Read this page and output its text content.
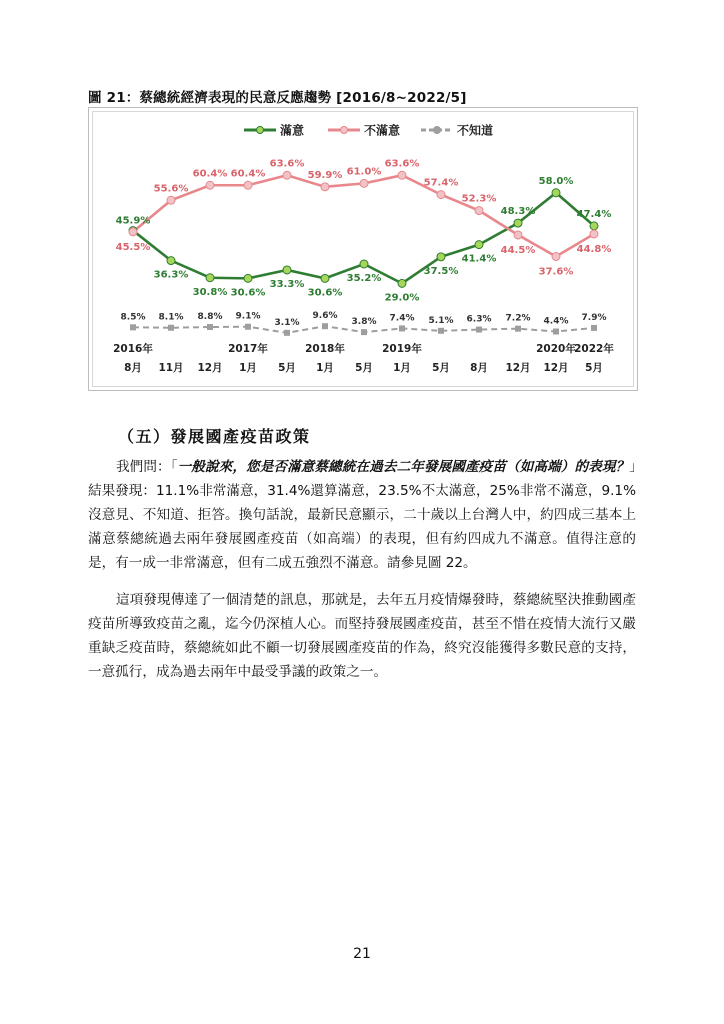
圖 21：蔡總統經濟表現的民意反應趨勢 [2016/8~2022/5]
滿意	不滿意	不知道
45.9%
36.3%
30.8% 30.6%
33.3%
30.6%
35.2%
29.0%
37.5%
41.4%
48.3%
58.0%
47.4%
45.5%
55.6%
60.4% 60.4%
63.6%
59.9% 61.0%
63.6%
57.4%
52.3%
44.5%
37.6%
44.8%
8.5% 8.1% 8.8% 9.1%
3.1%
9.6%
3.8% 7.4% 5.1% 6.3% 7.2% 4.4% 7.9%
2016年	2017年	2018年	2019年	2020年
2022年
8月 11月 12月 1月 5月 1月 5月 1月 5月 8月 12月 12月 5月
（五）發展國產疫苗政策
我們問：「一般說來，您是否滿意蔡總統在過去二年發展國產疫苗（如高端）的表現？」結果發現：11.1%非常滿意，31.4%還算滿意，23.5%不太滿意，25%非常不滿意，9.1%沒意見、不知道、拒答。換句話說，最新民意顯示，二十歲以上台灣人中，約四成三基本上滿意蔡總統過去兩年發展國產疫苗（如高端）的表現，但有約四成九不滿意。值得注意的是，有一成一非常滿意，但有二成五強烈不滿意。請參見圖 22。
這項發現傳達了一個清楚的訊息，那就是，去年五月疫情爆發時，蔡總統堅決推動國產疫苗所導致疫苗之亂，迄今仍深植人心。而堅持發展國產疫苗，甚至不惜在疫情大流行又嚴重缺乏疫苗時，蔡總統如此不顧一切發展國產疫苗的作為，終究沒能獲得多數民意的支持，一意孤行，成為過去兩年中最受爭議的政策之一。
21
